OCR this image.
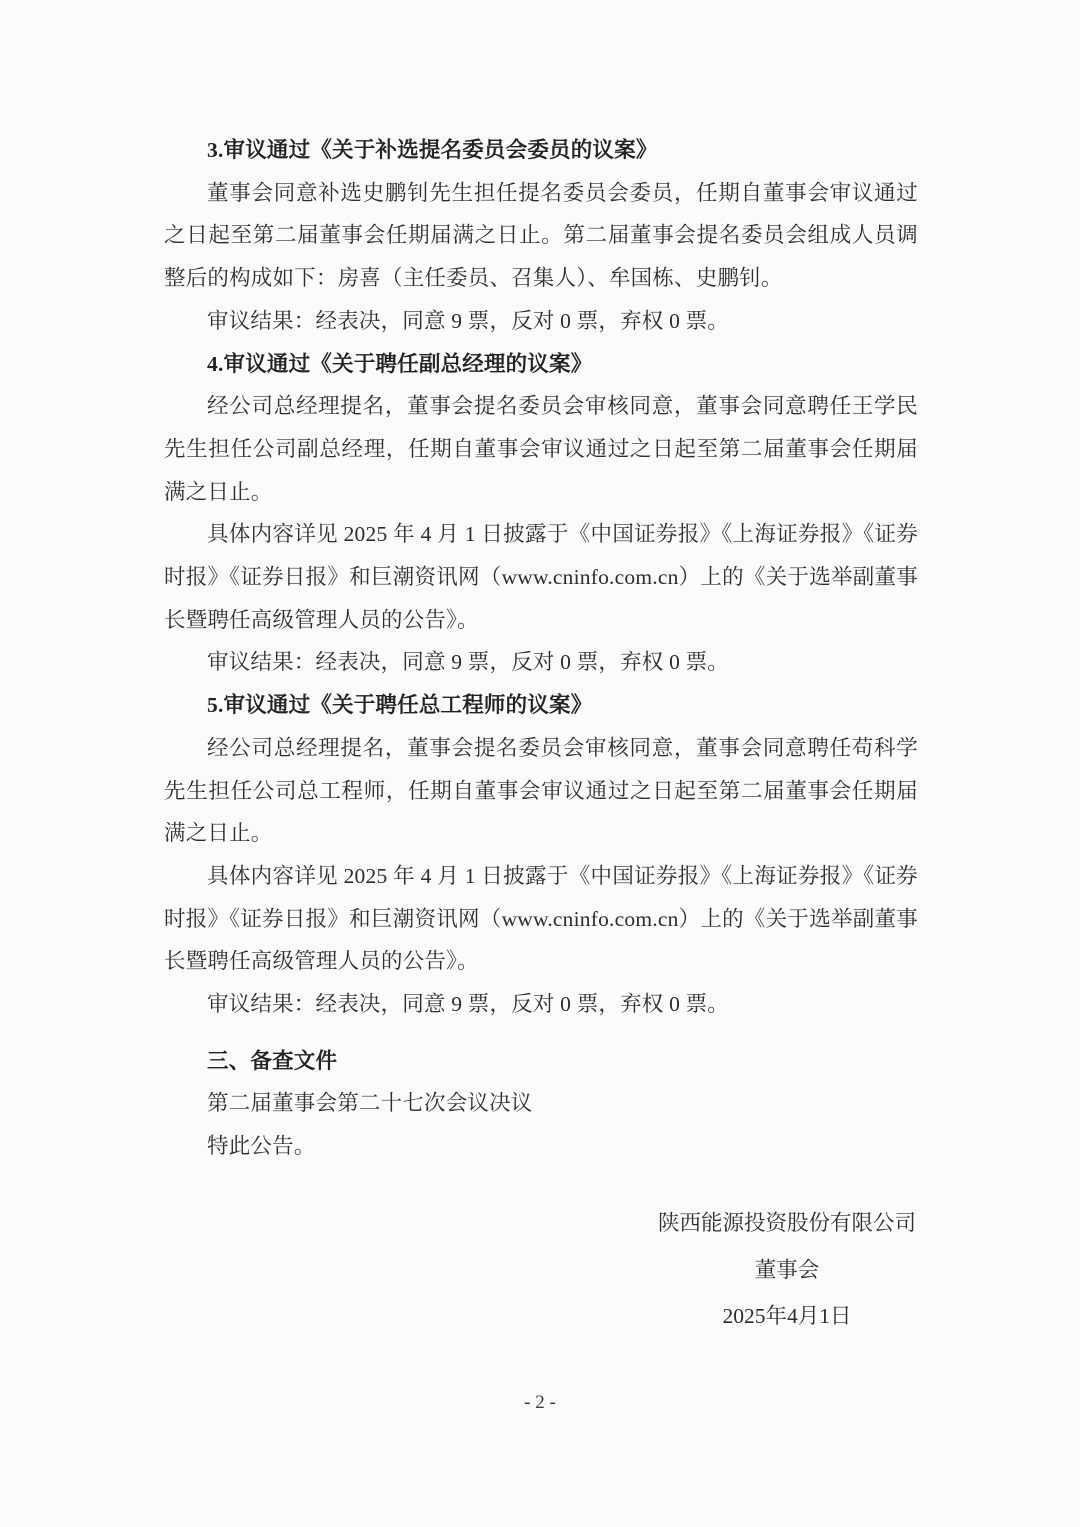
3.审议通过《关于补选提名委员会委员的议案》

董事会同意补选史鹏钊先生担任提名委员会委员，任期自董事会审议通过之日起至第二届董事会任期届满之日止。第二届董事会提名委员会组成人员调整后的构成如下：房喜（主任委员、召集人）、牟国栋、史鹏钊。

审议结果：经表决，同意 9 票，反对 0 票，弃权 0 票。

4.审议通过《关于聘任副总经理的议案》

经公司总经理提名，董事会提名委员会审核同意，董事会同意聘任王学民先生担任公司副总经理，任期自董事会审议通过之日起至第二届董事会任期届满之日止。

具体内容详见 2025 年 4 月 1 日披露于《中国证券报》《上海证券报》《证券时报》《证券日报》和巨潮资讯网（www.cninfo.com.cn）上的《关于选举副董事长暨聘任高级管理人员的公告》。

审议结果：经表决，同意 9 票，反对 0 票，弃权 0 票。

5.审议通过《关于聘任总工程师的议案》

经公司总经理提名，董事会提名委员会审核同意，董事会同意聘任苟科学先生担任公司总工程师，任期自董事会审议通过之日起至第二届董事会任期届满之日止。

具体内容详见 2025 年 4 月 1 日披露于《中国证券报》《上海证券报》《证券时报》《证券日报》和巨潮资讯网（www.cninfo.com.cn）上的《关于选举副董事长暨聘任高级管理人员的公告》。

审议结果：经表决，同意 9 票，反对 0 票，弃权 0 票。

三、备查文件

第二届董事会第二十七次会议决议

特此公告。

陕西能源投资股份有限公司

董事会

2025年4月1日

- 2 -
